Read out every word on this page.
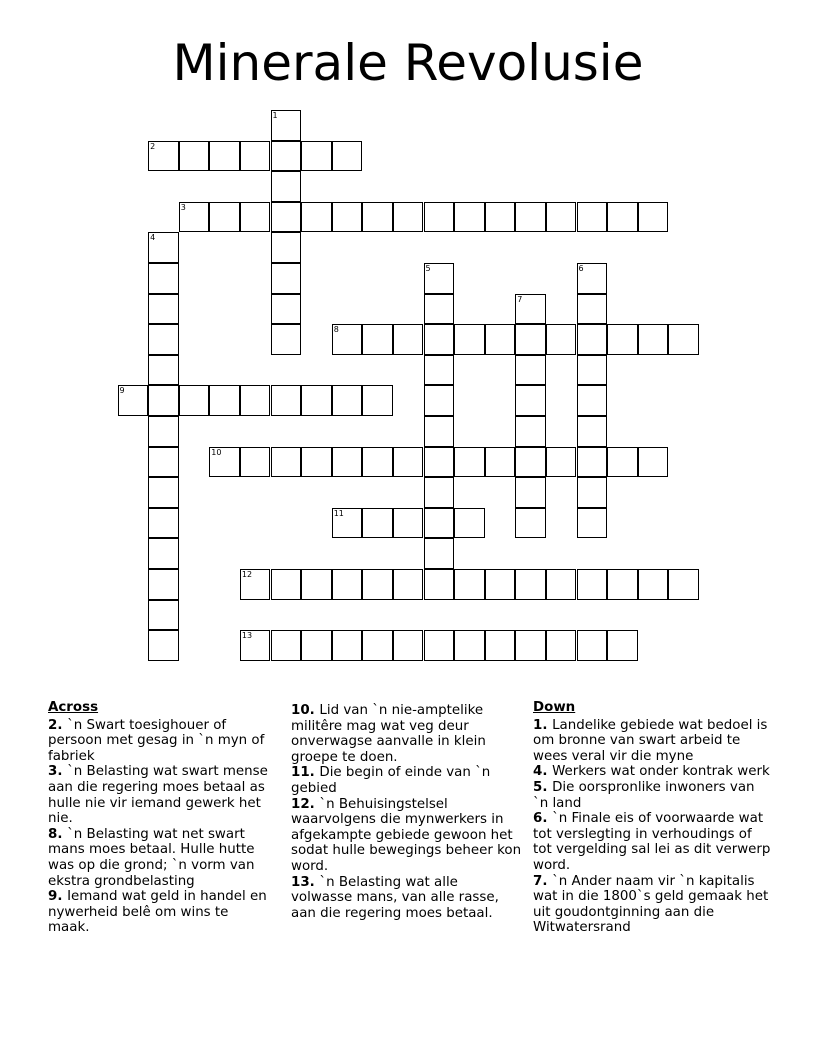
Minerale Revolusie
1
2
3
4
5	6
7
8
9
10
11
12
13
Across
2. `n Swart toesighouer of persoon met gesag in `n myn of fabriek
3. `n Belasting wat swart mense aan die regering moes betaal as hulle nie vir iemand gewerk het nie.
8. `n Belasting wat net swart mans moes betaal. Hulle hutte was op die grond; `n vorm van ekstra grondbelasting
9. Iemand wat geld in handel en nywerheid belê om wins te maak.
10. Lid van `n nie-amptelike militêre mag wat veg deur onverwagse aanvalle in klein groepe te doen.
11. Die begin of einde van `n gebied
12. `n Behuisingstelsel waarvolgens die mynwerkers in afgekampte gebiede gewoon het sodat hulle bewegings beheer kon word.
13. `n Belasting wat alle volwasse mans, van alle rasse, aan die regering moes betaal.
Down
1. Landelike gebiede wat bedoel is om bronne van swart arbeid te wees veral vir die myne
4. Werkers wat onder kontrak werk
5. Die oorspronlike inwoners van `n land
6. `n Finale eis of voorwaarde wat tot verslegting in verhoudings of tot vergelding sal lei as dit verwerp word.
7. `n Ander naam vir `n kapitalis wat in die 1800`s geld gemaak het uit goudontginning aan die Witwatersrand
